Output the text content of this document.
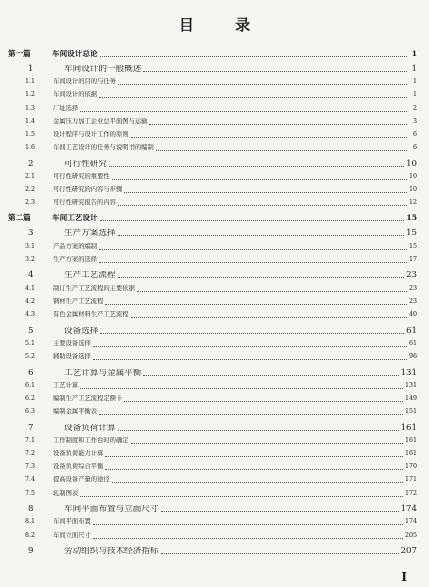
目 录
第一篇	车间设计总论	1
1	车间设计的一般概述	1
1.1	车间设计的目的与任务	1
1.2	车间设计的依据	1
1.3	厂址选择	2
1.4	金属压力加工企业总平面图与运输	3
1.5	设计程序与设计工作的原则	6
1.6	车间工艺设计的任务与说明书的编制	6
2	可行性研究	10
2.1	可行性研究的重要性	10
2.2	可行性研究的内容与步骤	10
2.3	可行性研究报告的内容	12
第二篇	车间工艺设计	15
3	生产方案选择	15
3.1	产品方案的编制	15
3.2	生产方案的选择	17
4	生产工艺流程	23
4.1	制订生产工艺流程的主要依据	23
4.2	钢材生产工艺流程	23
4.3	有色金属材料生产工艺流程	40
5	设备选择	61
5.1	主要设备选择	61
5.2	辅助设备选择	96
6	工艺计算与金属平衡	131
6.1	工艺计算	131
6.2	编制生产工艺流程定额卡	149
6.3	编制金属平衡表	151
7	设备负荷计算	161
7.1	工作制度和工作台时的确定	161
7.2	设备负荷能力计算	161
7.3	设备负荷综合平衡	170
7.4	提高设备产量的途径	171
7.5	轧制图表	172
8	车间平面布置与立面尺寸	174
8.1	车间平面布置	174
8.2	车间立面尺寸	205
9	劳动组织与技术经济指标	207
I
